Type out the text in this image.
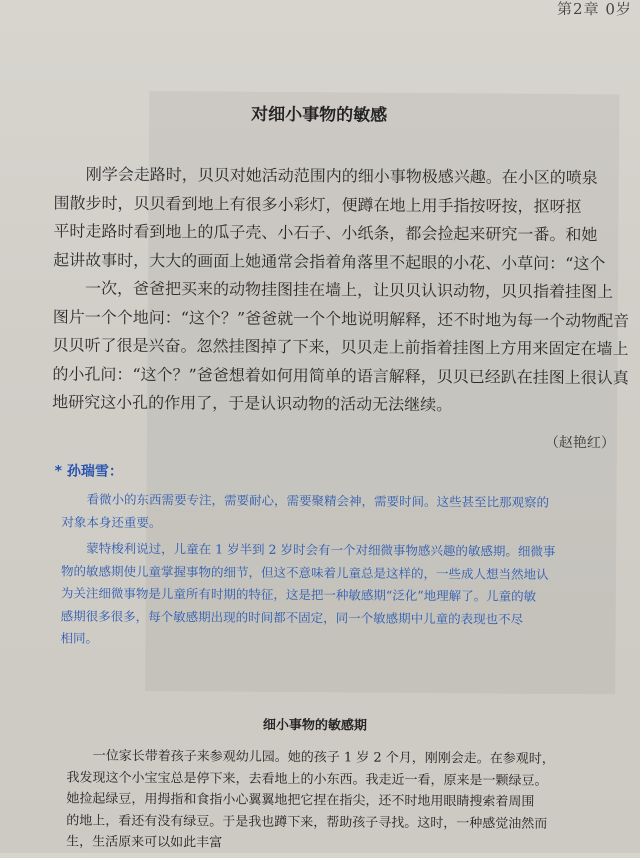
第2章 0岁
对细小事物的敏感

　　刚学会走路时，贝贝对她活动范围内的细小事物极感兴趣。在小区的喷泉

围散步时，贝贝看到地上有很多小彩灯，便蹲在地上用手指按呀按，抠呀抠

平时走路时看到地上的瓜子壳、小石子、小纸条，都会捡起来研究一番。和她

起讲故事时，大大的画面上她通常会指着角落里不起眼的小花、小草问：“这个

　　一次，爸爸把买来的动物挂图挂在墙上，让贝贝认识动物，贝贝指着挂图上

图片一个个地问：“这个？”爸爸就一个个地说明解释，还不时地为每一个动物配音

贝贝听了很是兴奋。忽然挂图掉了下来，贝贝走上前指着挂图上方用来固定在墙上

的小孔问：“这个？”爸爸想着如何用简单的语言解释，贝贝已经趴在挂图上很认真

地研究这小孔的作用了，于是认识动物的活动无法继续。

（赵艳红）
* 孙瑞雪：

　　看微小的东西需要专注，需要耐心，需要聚精会神，需要时间。这些甚至比那观察的
对象本身还重要。

　　蒙特梭利说过，儿童在 1 岁半到 2 岁时会有一个对细微事物感兴趣的敏感期。细微事
物的敏感期使儿童掌握事物的细节，但这不意味着儿童总是这样的，一些成人想当然地认
为关注细微事物是儿童所有时期的特征，这是把一种敏感期“泛化”地理解了。儿童的敏
感期很多很多，每个敏感期出现的时间都不固定，同一个敏感期中儿童的表现也不尽
相同。

细小事物的敏感期

　　一位家长带着孩子来参观幼儿园。她的孩子 1 岁 2 个月，刚刚会走。在参观时，

我发现这个小宝宝总是停下来，去看地上的小东西。我走近一看，原来是一颗绿豆。

她捡起绿豆，用拇指和食指小心翼翼地把它捏在指尖，还不时地用眼睛搜索着周围

的地上，看还有没有绿豆。于是我也蹲下来，帮助孩子寻找。这时，一种感觉油然而

生，生活原来可以如此丰富
